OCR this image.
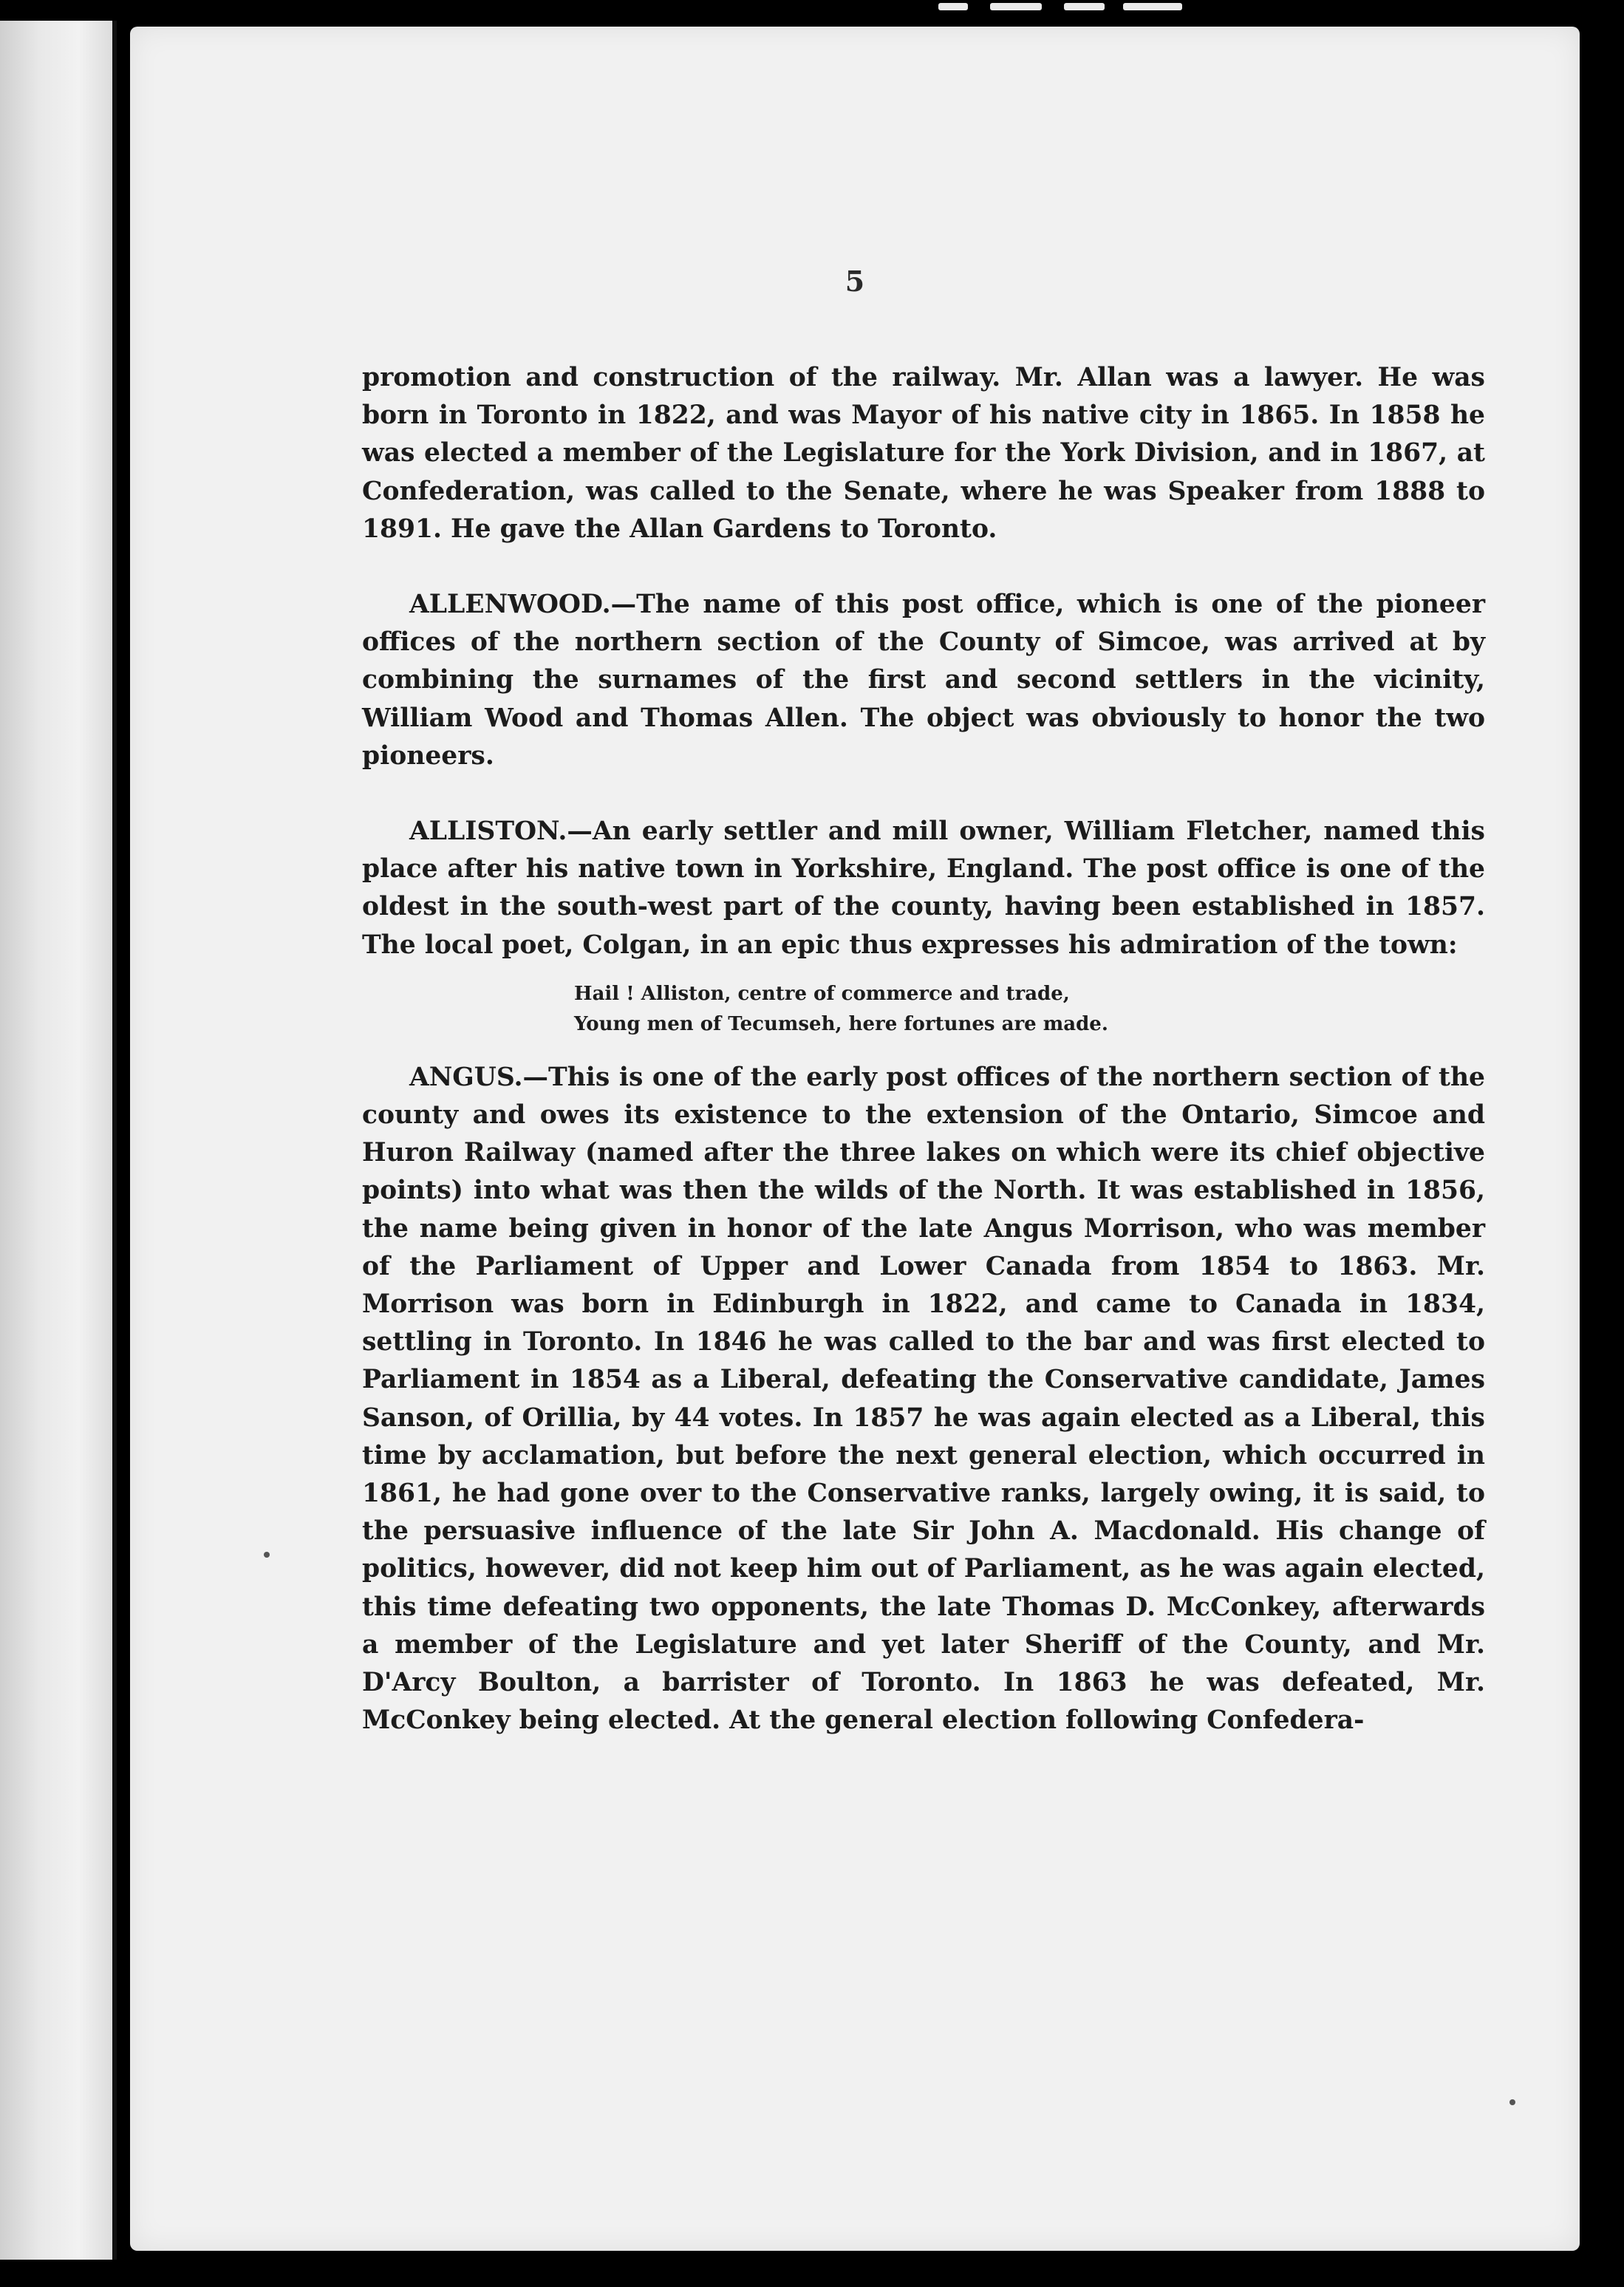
5

promotion and construction of the railway. Mr. Allan was a lawyer. He was born in Toronto in 1822, and was Mayor of his native city in 1865. In 1858 he was elected a member of the Legislature for the York Division, and in 1867, at Confederation, was called to the Senate, where he was Speaker from 1888 to 1891. He gave the Allan Gardens to Toronto.

ALLENWOOD.—The name of this post office, which is one of the pioneer offices of the northern section of the County of Simcoe, was arrived at by combining the surnames of the first and second settlers in the vicinity, William Wood and Thomas Allen. The object was obviously to honor the two pioneers.

ALLISTON.—An early settler and mill owner, William Fletcher, named this place after his native town in Yorkshire, England. The post office is one of the oldest in the south-west part of the county, having been established in 1857. The local poet, Colgan, in an epic thus expresses his admiration of the town:

Hail ! Alliston, centre of commerce and trade,
Young men of Tecumseh, here fortunes are made.

ANGUS.—This is one of the early post offices of the northern section of the county and owes its existence to the extension of the Ontario, Simcoe and Huron Railway (named after the three lakes on which were its chief objective points) into what was then the wilds of the North. It was established in 1856, the name being given in honor of the late Angus Morrison, who was member of the Parliament of Upper and Lower Canada from 1854 to 1863. Mr. Morrison was born in Edinburgh in 1822, and came to Canada in 1834, settling in Toronto. In 1846 he was called to the bar and was first elected to Parliament in 1854 as a Liberal, defeating the Conservative candidate, James Sanson, of Orillia, by 44 votes. In 1857 he was again elected as a Liberal, this time by acclamation, but before the next general election, which occurred in 1861, he had gone over to the Conservative ranks, largely owing, it is said, to the persuasive influence of the late Sir John A. Macdonald. His change of politics, however, did not keep him out of Parliament, as he was again elected, this time defeating two opponents, the late Thomas D. McConkey, afterwards a member of the Legislature and yet later Sheriff of the County, and Mr. D'Arcy Boulton, a barrister of Toronto. In 1863 he was defeated, Mr. McConkey being elected. At the general election following Confedera-
